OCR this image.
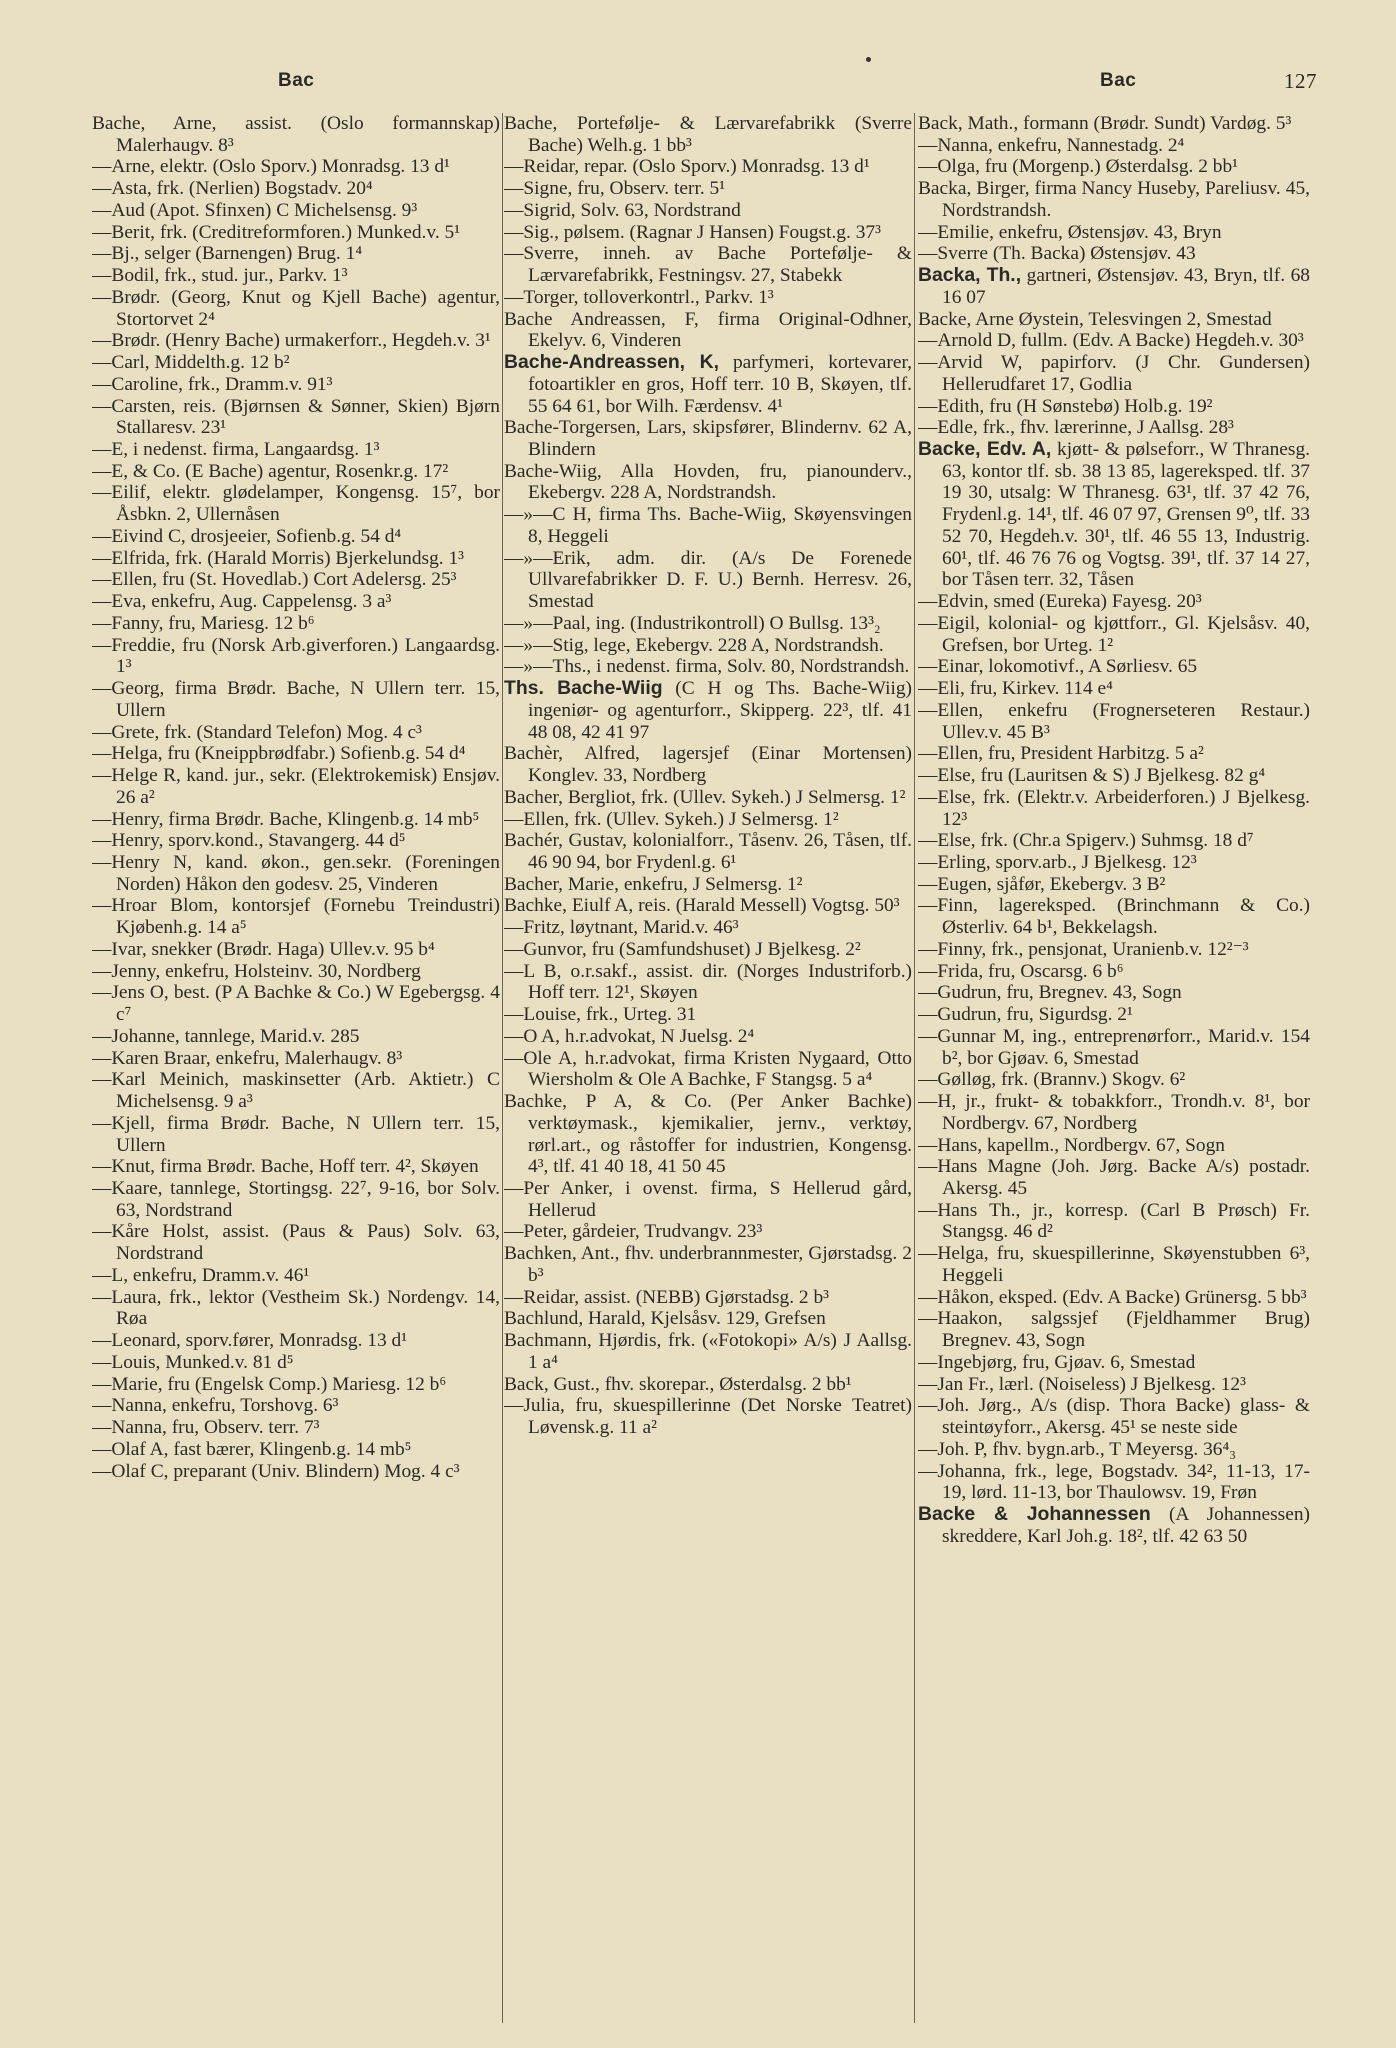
Bac	Bac	127
Bache, Arne, assist. (Oslo formannskap) Malerhaugv. 8³
—Arne, elektr. (Oslo Sporv.) Monradsg. 13 d¹
—Asta, frk. (Nerlien) Bogstadv. 20⁴
—Aud (Apot. Sfinxen) C Michelsensg. 9³
—Berit, frk. (Creditreformforen.) Munked.v. 5¹
—Bj., selger (Barnengen) Brug. 1⁴
—Bodil, frk., stud. jur., Parkv. 1³
—Brødr. (Georg, Knut og Kjell Bache) agentur, Stortorvet 2⁴
—Brødr. (Henry Bache) urmakerforr., Hegdeh.v. 3¹
—Carl, Middelth.g. 12 b²
—Caroline, frk., Dramm.v. 91³
—Carsten, reis. (Bjørnsen & Sønner, Skien) Bjørn Stallaresv. 23¹
—E, i nedenst. firma, Langaardsg. 1³
—E, & Co. (E Bache) agentur, Rosenkr.g. 17²
—Eilif, elektr. glødelamper, Kongensg. 15⁷, bor Åsbkn. 2, Ullernåsen
—Eivind C, drosjeeier, Sofienb.g. 54 d⁴
—Elfrida, frk. (Harald Morris) Bjerkelundsg. 1³
—Ellen, fru (St. Hovedlab.) Cort Adelersg. 25³
—Eva, enkefru, Aug. Cappelensg. 3 a³
—Fanny, fru, Mariesg. 12 b⁶
—Freddie, fru (Norsk Arb.giverforen.) Langaardsg. 1³
—Georg, firma Brødr. Bache, N Ullern terr. 15, Ullern
—Grete, frk. (Standard Telefon) Mog. 4 c³
—Helga, fru (Kneippbrødfabr.) Sofienb.g. 54 d⁴
—Helge R, kand. jur., sekr. (Elektrokemisk) Ensjøv. 26 a²
—Henry, firma Brødr. Bache, Klingenb.g. 14 mb⁵
—Henry, sporv.kond., Stavangerg. 44 d⁵
—Henry N, kand. økon., gen.sekr. (Foreningen Norden) Håkon den godesv. 25, Vinderen
—Hroar Blom, kontorsjef (Fornebu Treindustri) Kjøbenh.g. 14 a⁵
—Ivar, snekker (Brødr. Haga) Ullev.v. 95 b⁴
—Jenny, enkefru, Holsteinv. 30, Nordberg
—Jens O, best. (P A Bachke & Co.) W Egebergsg. 4 c⁷
—Johanne, tannlege, Marid.v. 285
—Karen Braar, enkefru, Malerhaugv. 8³
—Karl Meinich, maskinsetter (Arb. Aktietr.) C Michelsensg. 9 a³
—Kjell, firma Brødr. Bache, N Ullern terr. 15, Ullern
—Knut, firma Brødr. Bache, Hoff terr. 4², Skøyen
—Kaare, tannlege, Stortingsg. 22⁷, 9-16, bor Solv. 63, Nordstrand
—Kåre Holst, assist. (Paus & Paus) Solv. 63, Nordstrand
—L, enkefru, Dramm.v. 46¹
—Laura, frk., lektor (Vestheim Sk.) Nordengv. 14, Røa
—Leonard, sporv.fører, Monradsg. 13 d¹
—Louis, Munked.v. 81 d⁵
—Marie, fru (Engelsk Comp.) Mariesg. 12 b⁶
—Nanna, enkefru, Torshovg. 6³
—Nanna, fru, Observ. terr. 7³
—Olaf A, fast bærer, Klingenb.g. 14 mb⁵
—Olaf C, preparant (Univ. Blindern) Mog. 4 c³
Bache, Portefølje- & Lærvarefabrikk (Sverre Bache) Welh.g. 1 bb³
—Reidar, repar. (Oslo Sporv.) Monradsg. 13 d¹
—Signe, fru, Observ. terr. 5¹
—Sigrid, Solv. 63, Nordstrand
—Sig., pølsem. (Ragnar J Hansen) Fougst.g. 37³
—Sverre, inneh. av Bache Portefølje- & Lærvarefabrikk, Festningsv. 27, Stabekk
—Torger, tolloverkontrl., Parkv. 1³
Bache Andreassen, F, firma Original-Odhner, Ekelyv. 6, Vinderen
Bache-Andreassen, K, parfymeri, kortevarer, fotoartikler en gros, Hoff terr. 10 B, Skøyen, tlf. 55 64 61, bor Wilh. Færdensv. 4¹
Bache-Torgersen, Lars, skipsfører, Blindernv. 62 A, Blindern
Bache-Wiig, Alla Hovden, fru, pianounderv., Ekebergv. 228 A, Nordstrandsh.
—»—C H, firma Ths. Bache-Wiig, Skøyensvingen 8, Heggeli
—»—Erik, adm. dir. (A/s De Forenede Ullvarefabrikker D. F. U.) Bernh. Herresv. 26, Smestad
—»—Paal, ing. (Industrikontroll) O Bullsg. 13³₂
—»—Stig, lege, Ekebergv. 228 A, Nordstrandsh.
—»—Ths., i nedenst. firma, Solv. 80, Nordstrandsh.
Ths. Bache-Wiig (C H og Ths. Bache-Wiig) ingeniør- og agenturforr., Skipperg. 22³, tlf. 41 48 08, 42 41 97
Bachèr, Alfred, lagersjef (Einar Mortensen) Konglev. 33, Nordberg
Bacher, Bergliot, frk. (Ullev. Sykeh.) J Selmersg. 1²
—Ellen, frk. (Ullev. Sykeh.) J Selmersg. 1²
Bachér, Gustav, kolonialforr., Tåsenv. 26, Tåsen, tlf. 46 90 94, bor Frydenl.g. 6¹
Bacher, Marie, enkefru, J Selmersg. 1²
Bachke, Eiulf A, reis. (Harald Messell) Vogtsg. 50³
—Fritz, løytnant, Marid.v. 46³
—Gunvor, fru (Samfundshuset) J Bjelkesg. 2²
—L B, o.r.sakf., assist. dir. (Norges Industriforb.) Hoff terr. 12¹, Skøyen
—Louise, frk., Urteg. 31
—O A, h.r.advokat, N Juelsg. 2⁴
—Ole A, h.r.advokat, firma Kristen Nygaard, Otto Wiersholm & Ole A Bachke, F Stangsg. 5 a⁴
Bachke, P A, & Co. (Per Anker Bachke) verktøymask., kjemikalier, jernv., verktøy, rørl.art., og råstoffer for industrien, Kongensg. 4³, tlf. 41 40 18, 41 50 45
—Per Anker, i ovenst. firma, S Hellerud gård, Hellerud
—Peter, gårdeier, Trudvangv. 23³
Bachken, Ant., fhv. underbrannmester, Gjørstadsg. 2 b³
—Reidar, assist. (NEBB) Gjørstadsg. 2 b³
Bachlund, Harald, Kjelsåsv. 129, Grefsen
Bachmann, Hjørdis, frk. («Fotokopi» A/s) J Aallsg. 1 a⁴
Back, Gust., fhv. skorepar., Østerdalsg. 2 bb¹
—Julia, fru, skuespillerinne (Det Norske Teatret) Løvensk.g. 11 a²
Back, Math., formann (Brødr. Sundt) Vardøg. 5³
—Nanna, enkefru, Nannestadg. 2⁴
—Olga, fru (Morgenp.) Østerdalsg. 2 bb¹
Backa, Birger, firma Nancy Huseby, Pareliusv. 45, Nordstrandsh.
—Emilie, enkefru, Østensjøv. 43, Bryn
—Sverre (Th. Backa) Østensjøv. 43
Backa, Th., gartneri, Østensjøv. 43, Bryn, tlf. 68 16 07
Backe, Arne Øystein, Telesvingen 2, Smestad
—Arnold D, fullm. (Edv. A Backe) Hegdeh.v. 30³
—Arvid W, papirforv. (J Chr. Gundersen) Hellerudfaret 17, Godlia
—Edith, fru (H Sønstebø) Holb.g. 19²
—Edle, frk., fhv. lærerinne, J Aallsg. 28³
Backe, Edv. A, kjøtt- & pølseforr., W Thranesg. 63, kontor tlf. sb. 38 13 85, lagereksped. tlf. 37 19 30, utsalg: W Thranesg. 63¹, tlf. 37 42 76, Frydenl.g. 14¹, tlf. 46 07 97, Grensen 9⁰, tlf. 33 52 70, Hegdeh.v. 30¹, tlf. 46 55 13, Industrig. 60¹, tlf. 46 76 76 og Vogtsg. 39¹, tlf. 37 14 27, bor Tåsen terr. 32, Tåsen
—Edvin, smed (Eureka) Fayesg. 20³
—Eigil, kolonial- og kjøttforr., Gl. Kjelsåsv. 40, Grefsen, bor Urteg. 1²
—Einar, lokomotivf., A Sørliesv. 65
—Eli, fru, Kirkev. 114 e⁴
—Ellen, enkefru (Frognerseteren Restaur.) Ullev.v. 45 B³
—Ellen, fru, President Harbitzg. 5 a²
—Else, fru (Lauritsen & S) J Bjelkesg. 82 g⁴
—Else, frk. (Elektr.v. Arbeiderforen.) J Bjelkesg. 12³
—Else, frk. (Chr.a Spigerv.) Suhmsg. 18 d⁷
—Erling, sporv.arb., J Bjelkesg. 12³
—Eugen, sjåfør, Ekebergv. 3 B²
—Finn, lagereksped. (Brinchmann & Co.) Østerliv. 64 b¹, Bekkelagsh.
—Finny, frk., pensjonat, Uranienb.v. 12²⁻³
—Frida, fru, Oscarsg. 6 b⁶
—Gudrun, fru, Bregnev. 43, Sogn
—Gudrun, fru, Sigurdsg. 2¹
—Gunnar M, ing., entreprenørforr., Marid.v. 154 b², bor Gjøav. 6, Smestad
—Gølløg, frk. (Brannv.) Skogv. 6²
—H, jr., frukt- & tobakkforr., Trondh.v. 8¹, bor Nordbergv. 67, Nordberg
—Hans, kapellm., Nordbergv. 67, Sogn
—Hans Magne (Joh. Jørg. Backe A/s) postadr. Akersg. 45
—Hans Th., jr., korresp. (Carl B Prøsch) Fr. Stangsg. 46 d²
—Helga, fru, skuespillerinne, Skøyenstubben 6³, Heggeli
—Håkon, eksped. (Edv. A Backe) Grünersg. 5 bb³
—Haakon, salgssjef (Fjeldhammer Brug) Bregnev. 43, Sogn
—Ingebjørg, fru, Gjøav. 6, Smestad
—Jan Fr., lærl. (Noiseless) J Bjelkesg. 12³
—Joh. Jørg., A/s (disp. Thora Backe) glass- & steintøyforr., Akersg. 45¹ se neste side
—Joh. P, fhv. bygn.arb., T Meyersg. 36⁴₃
—Johanna, frk., lege, Bogstadv. 34², 11-13, 17-19, lørd. 11-13, bor Thaulowsv. 19, Frøn
Backe & Johannessen (A Johannessen) skreddere, Karl Joh.g. 18², tlf. 42 63 50
